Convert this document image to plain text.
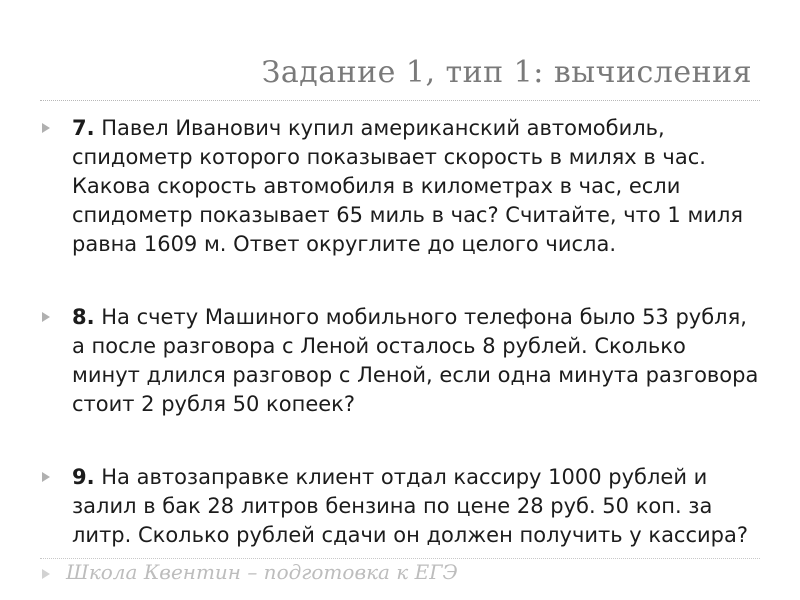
Задание 1, тип 1: вычисления
7. Павел Иванович купил американский автомобиль, спидометр которого показывает скорость в милях в час. Какова скорость автомобиля в километрах в час, если спидометр показывает 65 миль в час? Считайте, что 1 миля равна 1609 м. Ответ округлите до целого числа.
8. На счету Машиного мобильного телефона было 53 рубля, а после разговора с Леной осталось 8 рублей. Сколько минут длился разговор с Леной, если одна минута разговора стоит 2 рубля 50 копеек?
9. На автозаправке клиент отдал кассиру 1000 рублей и залил в бак 28 литров бензина по цене 28 руб. 50 коп. за литр. Сколько рублей сдачи он должен получить у кассира?
Школа Квентин – подготовка к ЕГЭ
